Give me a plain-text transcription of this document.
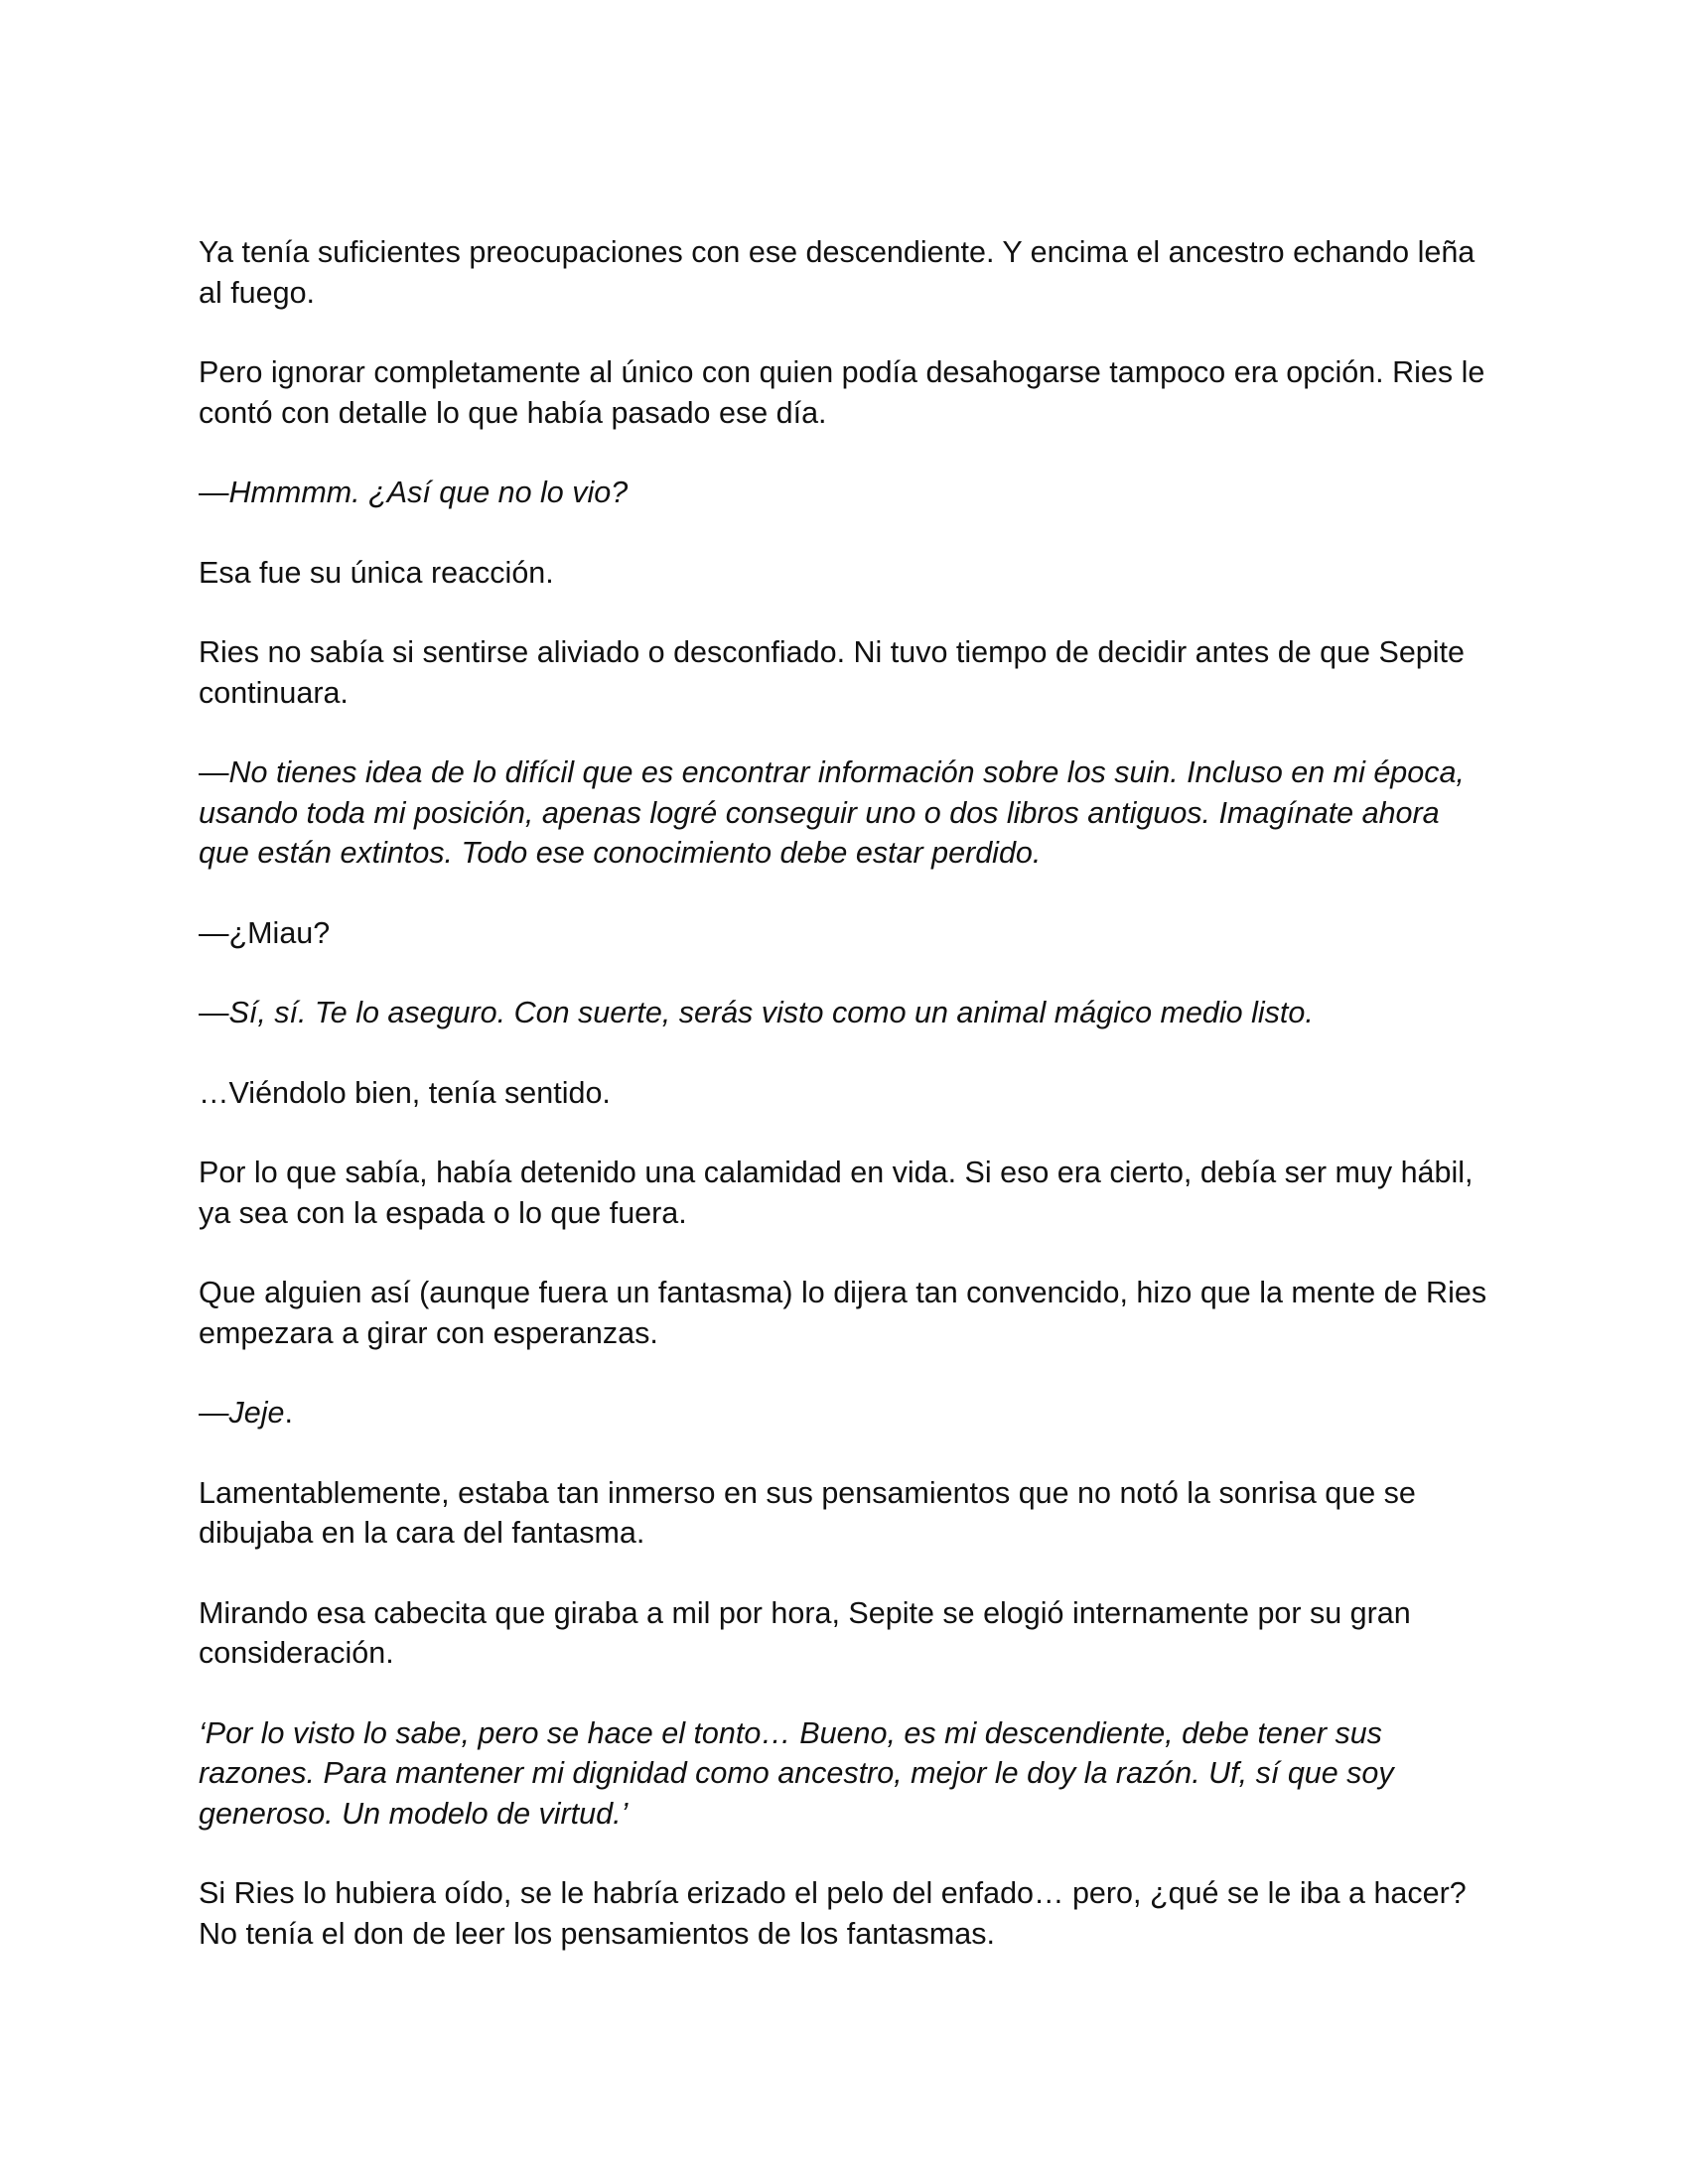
Ya tenía suficientes preocupaciones con ese descendiente. Y encima el ancestro echando leña
al fuego.

Pero ignorar completamente al único con quien podía desahogarse tampoco era opción. Ries le
contó con detalle lo que había pasado ese día.

—Hmmmm. ¿Así que no lo vio?

Esa fue su única reacción.

Ries no sabía si sentirse aliviado o desconfiado. Ni tuvo tiempo de decidir antes de que Sepite
continuara.

—No tienes idea de lo difícil que es encontrar información sobre los suin. Incluso en mi época,
usando toda mi posición, apenas logré conseguir uno o dos libros antiguos. Imagínate ahora
que están extintos. Todo ese conocimiento debe estar perdido.

—¿Miau?

—Sí, sí. Te lo aseguro. Con suerte, serás visto como un animal mágico medio listo.

…Viéndolo bien, tenía sentido.

Por lo que sabía, había detenido una calamidad en vida. Si eso era cierto, debía ser muy hábil,
ya sea con la espada o lo que fuera.

Que alguien así (aunque fuera un fantasma) lo dijera tan convencido, hizo que la mente de Ries
empezara a girar con esperanzas.

—Jeje.

Lamentablemente, estaba tan inmerso en sus pensamientos que no notó la sonrisa que se
dibujaba en la cara del fantasma.

Mirando esa cabecita que giraba a mil por hora, Sepite se elogió internamente por su gran
consideración.

‘Por lo visto lo sabe, pero se hace el tonto… Bueno, es mi descendiente, debe tener sus
razones. Para mantener mi dignidad como ancestro, mejor le doy la razón. Uf, sí que soy
generoso. Un modelo de virtud.’

Si Ries lo hubiera oído, se le habría erizado el pelo del enfado… pero, ¿qué se le iba a hacer?
No tenía el don de leer los pensamientos de los fantasmas.
